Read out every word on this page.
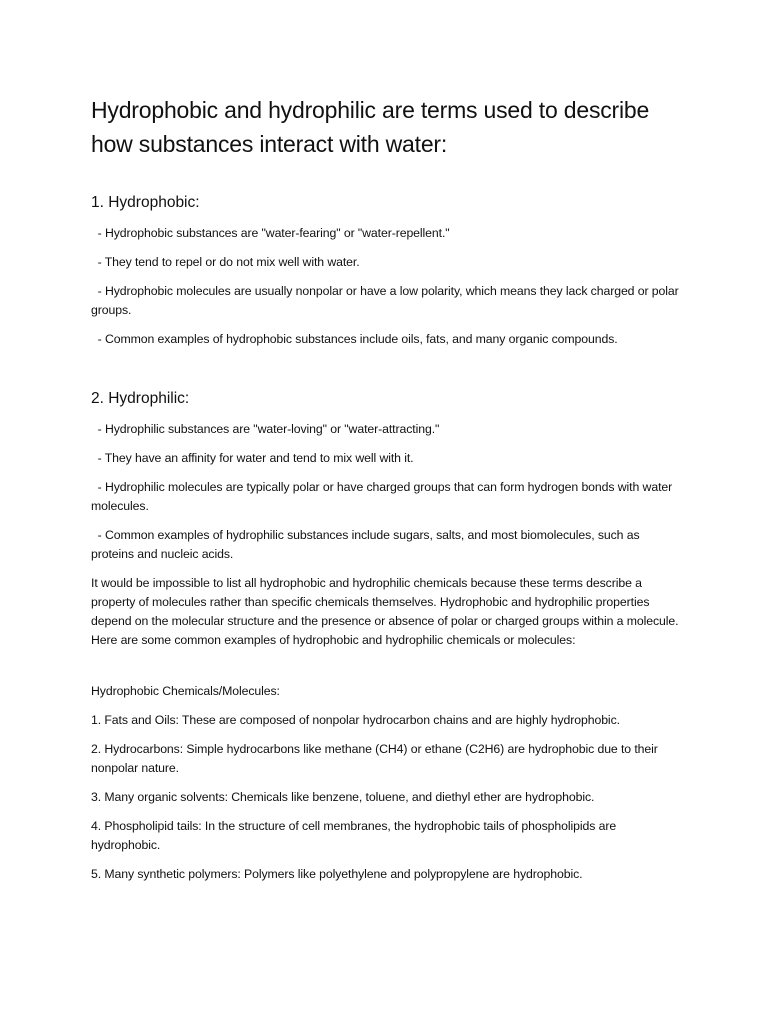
Hydrophobic and hydrophilic are terms used to describe how substances interact with water:
1. Hydrophobic:

- Hydrophobic substances are "water-fearing" or "water-repellent."

- They tend to repel or do not mix well with water.

- Hydrophobic molecules are usually nonpolar or have a low polarity, which means they lack charged or polar groups.

- Common examples of hydrophobic substances include oils, fats, and many organic compounds.

2. Hydrophilic:

- Hydrophilic substances are "water-loving" or "water-attracting."

- They have an affinity for water and tend to mix well with it.

- Hydrophilic molecules are typically polar or have charged groups that can form hydrogen bonds with water molecules.

- Common examples of hydrophilic substances include sugars, salts, and most biomolecules, such as proteins and nucleic acids.

It would be impossible to list all hydrophobic and hydrophilic chemicals because these terms describe a property of molecules rather than specific chemicals themselves. Hydrophobic and hydrophilic properties depend on the molecular structure and the presence or absence of polar or charged groups within a molecule. Here are some common examples of hydrophobic and hydrophilic chemicals or molecules:

Hydrophobic Chemicals/Molecules:

1. Fats and Oils: These are composed of nonpolar hydrocarbon chains and are highly hydrophobic.

2. Hydrocarbons: Simple hydrocarbons like methane (CH4) or ethane (C2H6) are hydrophobic due to their nonpolar nature.

3. Many organic solvents: Chemicals like benzene, toluene, and diethyl ether are hydrophobic.

4. Phospholipid tails: In the structure of cell membranes, the hydrophobic tails of phospholipids are hydrophobic.

5. Many synthetic polymers: Polymers like polyethylene and polypropylene are hydrophobic.
